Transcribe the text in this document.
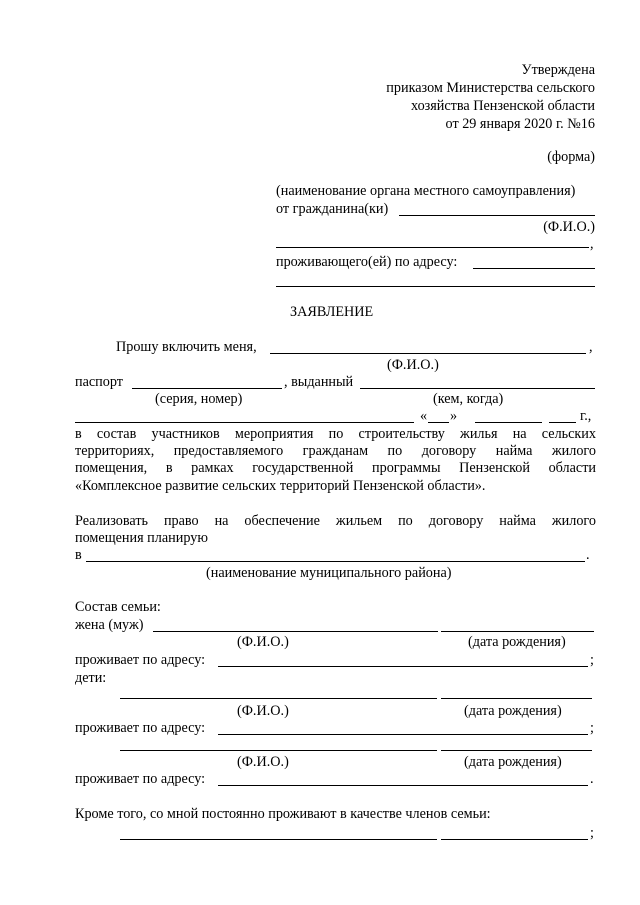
Утверждена
приказом Министерства сельского
хозяйства Пензенской области
от 29 января 2020 г. №16
(форма)
(наименование органа местного самоуправления)
от гражданина(ки)
(Ф.И.О.)
,
проживающего(ей) по адресу:
ЗАЯВЛЕНИЕ
Прошу включить меня,	,
(Ф.И.О.)
паспорт	, выданный
(серия, номер)	(кем, когда)
« »	г.,
в состав участников мероприятия по строительству жилья на сельских
территориях, предоставляемого гражданам по договору найма жилого
помещения, в рамках государственной программы Пензенской области
«Комплексное развитие сельских территорий Пензенской области».
Реализовать право на обеспечение жильем по договору найма жилого
помещения планирую
в	.
(наименование муниципального района)
Состав семьи:
жена (муж)
(Ф.И.О.)	(дата рождения)
проживает по адресу:	;
дети:
(Ф.И.О.)	(дата рождения)
проживает по адресу:	;
(Ф.И.О.)	(дата рождения)
проживает по адресу:	.
Кроме того, со мной постоянно проживают в качестве членов семьи:
;
